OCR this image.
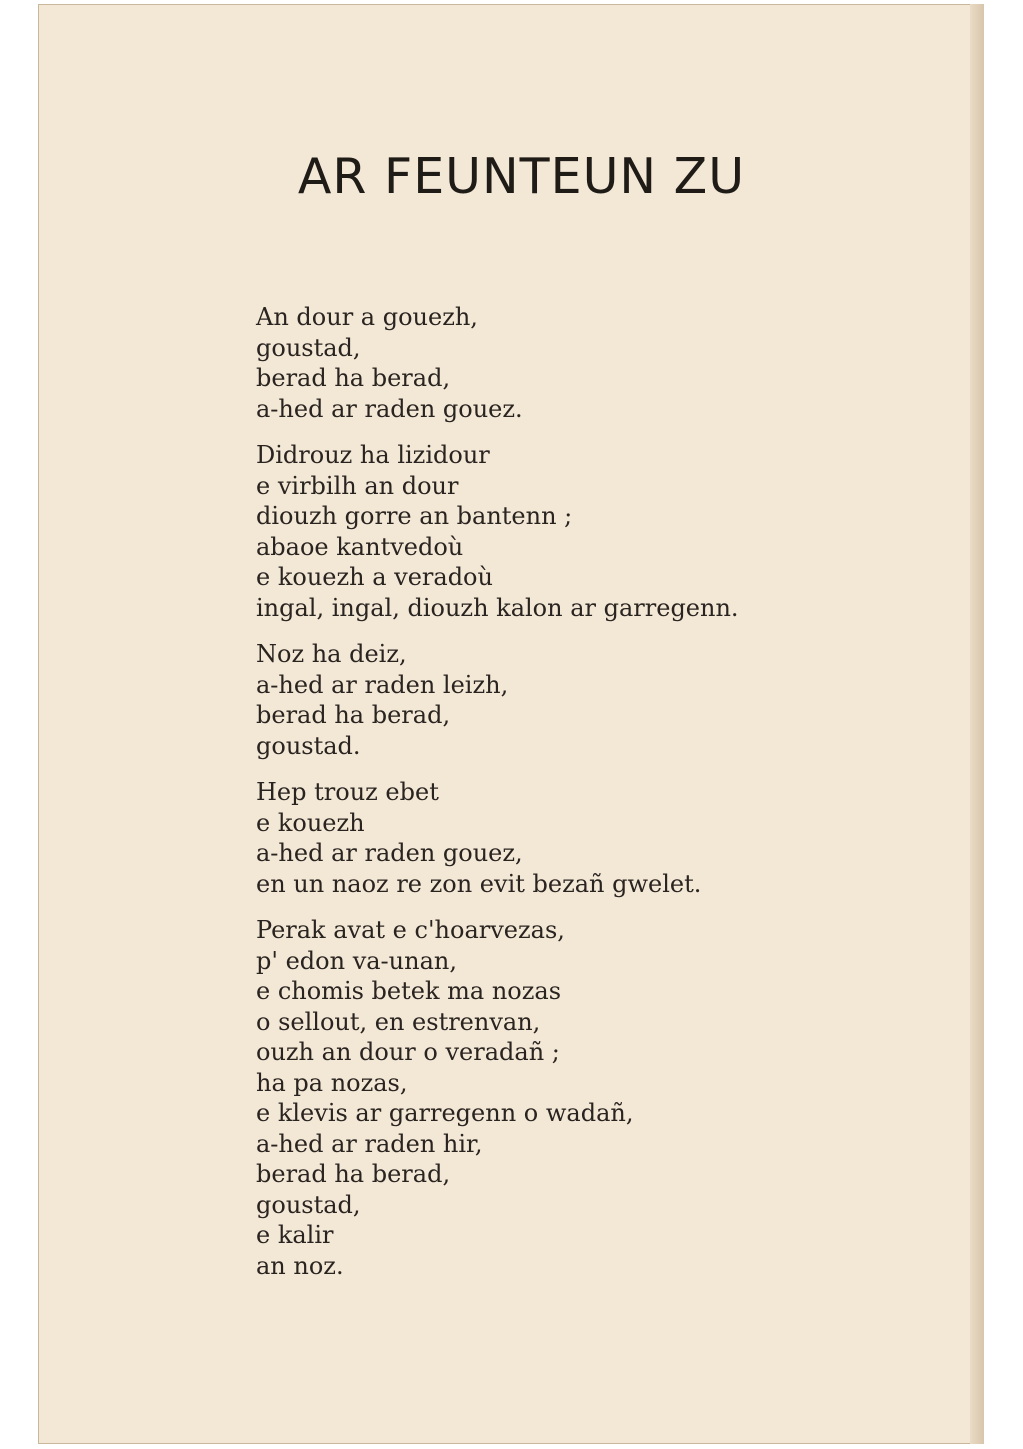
AR FEUNTEUN ZU
An dour a gouezh,
goustad,
berad ha berad,
a-hed ar raden gouez.
Didrouz ha lizidour
e virbilh an dour
diouzh gorre an bantenn ;
abaoe kantvedoù
e kouezh a veradoù
ingal, ingal, diouzh kalon ar garregenn.
Noz ha deiz,
a-hed ar raden leizh,
berad ha berad,
goustad.
Hep trouz ebet
e kouezh
a-hed ar raden gouez,
en un naoz re zon evit bezañ gwelet.
Perak avat e c'hoarvezas,
p' edon va-unan,
e chomis betek ma nozas
o sellout, en estrenvan,
ouzh an dour o veradañ ;
ha pa nozas,
e klevis ar garregenn o wadañ,
a-hed ar raden hir,
berad ha berad,
goustad,
e kalir
an noz.
